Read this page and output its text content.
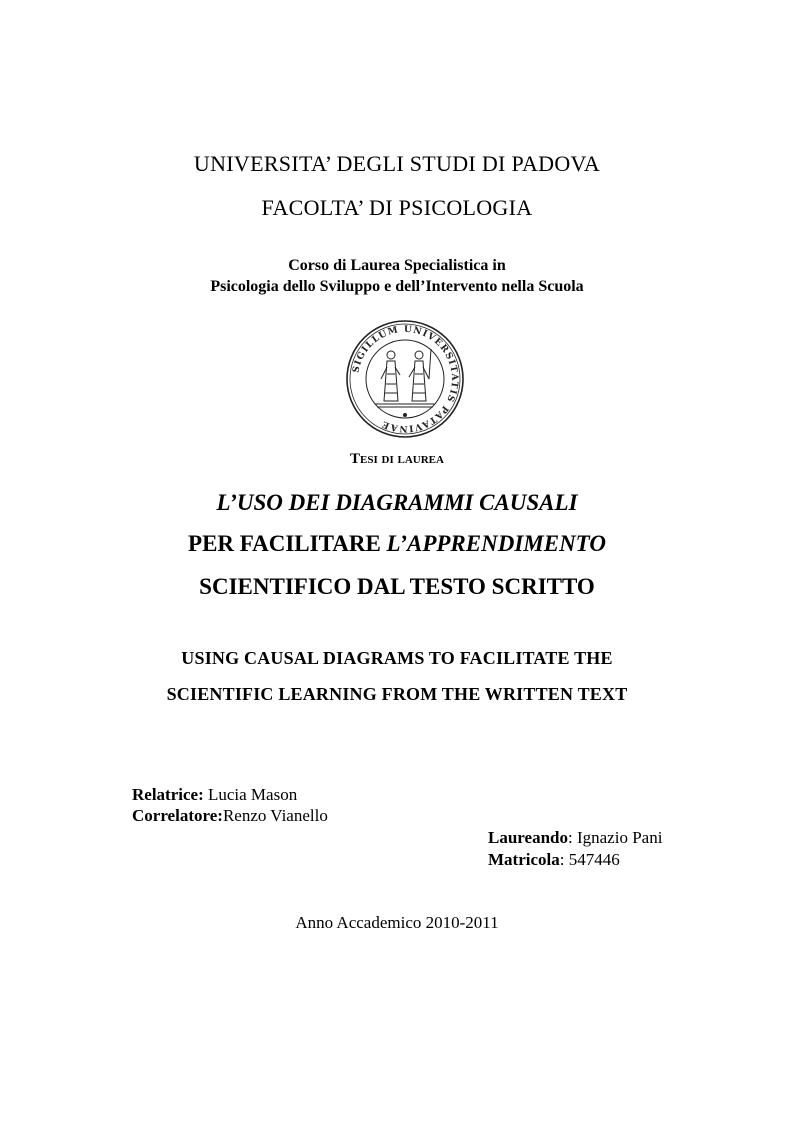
UNIVERSITA’ DEGLI STUDI DI PADOVA
FACOLTA’ DI PSICOLOGIA
Corso di Laurea Specialistica in
Psicologia dello Sviluppo e dell’Intervento nella Scuola
SIGILLUM UNIVERSITATIS PATAVINAE
Tesi di laurea
L’USO DEI DIAGRAMMI CAUSALI
PER FACILITARE L’APPRENDIMENTO
SCIENTIFICO DAL TESTO SCRITTO
USING CAUSAL DIAGRAMS TO FACILITATE THE
SCIENTIFIC LEARNING FROM THE WRITTEN TEXT
Relatrice: Lucia Mason
Correlatore:Renzo Vianello
Laureando: Ignazio Pani
Matricola: 547446
Anno Accademico 2010-2011
